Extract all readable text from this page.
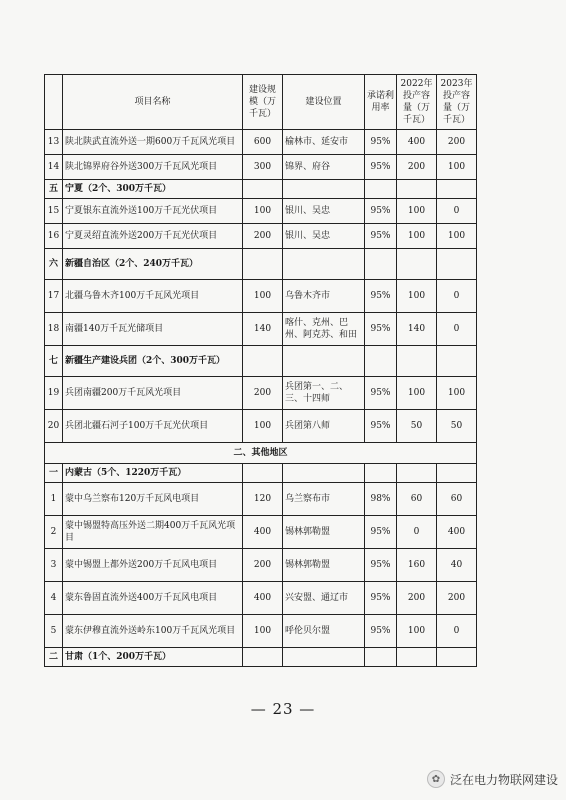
	项目名称	建设规模（万千瓦）	建设位置	承诺利用率	2022年投产容量（万千瓦）	2023年投产容量（万千瓦）
13	陕北陕武直流外送一期600万千瓦风光项目	600	榆林市、延安市	95%	400	200
14	陕北锦界府谷外送300万千瓦风光项目	300	锦界、府谷	95%	200	100
五	宁夏（2个、300万千瓦）					
15	宁夏银东直流外送100万千瓦光伏项目	100	银川、吴忠	95%	100	0
16	宁夏灵绍直流外送200万千瓦光伏项目	200	银川、吴忠	95%	100	100
六	新疆自治区（2个、240万千瓦）					
17	北疆乌鲁木齐100万千瓦风光项目	100	乌鲁木齐市	95%	100	0
18	南疆140万千瓦光储项目	140	喀什、克州、巴州、阿克苏、和田	95%	140	0
七	新疆生产建设兵团（2个、300万千瓦）					
19	兵团南疆200万千瓦风光项目	200	兵团第一、二、三、十四师	95%	100	100
20	兵团北疆石河子100万千瓦光伏项目	100	兵团第八师	95%	50	50
二、其他地区						
一	内蒙古（5个、1220万千瓦）					
1	蒙中乌兰察布120万千瓦风电项目	120	乌兰察布市	98%	60	60
2	蒙中锡盟特高压外送二期400万千瓦风光项目	400	锡林郭勒盟	95%	0	400
3	蒙中锡盟上都外送200万千瓦风电项目	200	锡林郭勒盟	95%	160	40
4	蒙东鲁固直流外送400万千瓦风电项目	400	兴安盟、通辽市	95%	200	200
5	蒙东伊穆直流外送岭东100万千瓦风光项目	100	呼伦贝尔盟	95%	100	0
二	甘肃（1个、200万千瓦）					
— 23 —
✿ 泛在电力物联网建设
